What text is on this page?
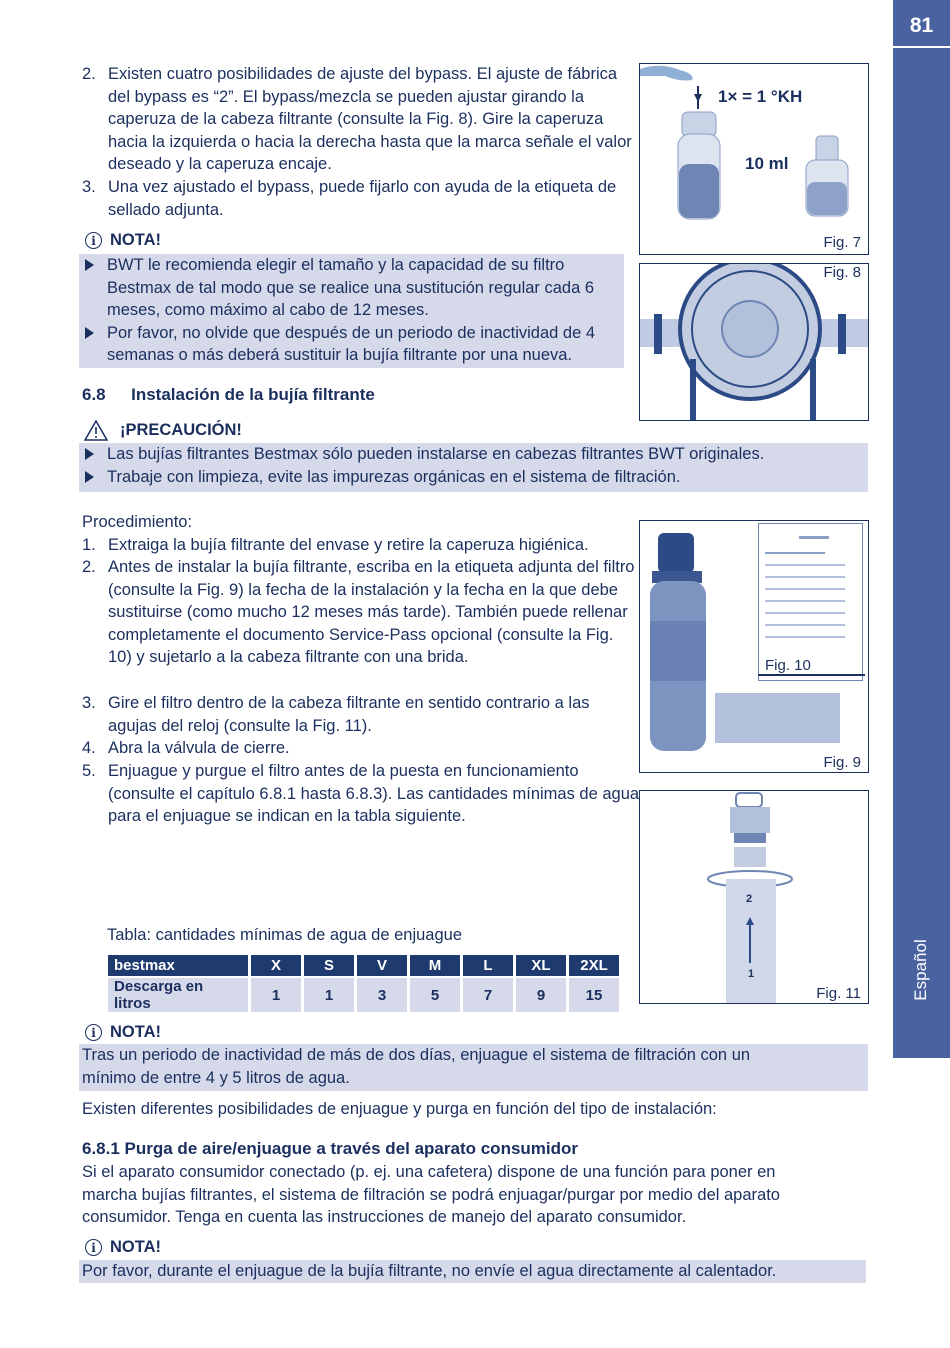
81
Español
2. Existen cuatro posibilidades de ajuste del bypass. El ajuste de fábrica del bypass es “2”. El bypass/mezcla se pueden ajustar girando la caperuza de la cabeza filtrante (consulte la Fig. 8). Gire la caperuza hacia la izquierda o hacia la derecha hasta que la marca señale el valor deseado y la caperuza encaje.
3. Una vez ajustado el bypass, puede fijarlo con ayuda de la etiqueta de sellado adjunta.
i NOTA!
BWT le recomienda elegir el tamaño y la capacidad de su filtro Bestmax de tal modo que se realice una sustitución regular cada 6 meses, como máximo al cabo de 12 meses.
Por favor, no olvide que después de un periodo de inactividad de 4 semanas o más deberá sustituir la bujía filtrante por una nueva.
6.8 Instalación de la bujía filtrante
¡PRECAUCIÓN!
Las bujías filtrantes Bestmax sólo pueden instalarse en cabezas filtrantes BWT originales.
Trabaje con limpieza, evite las impurezas orgánicas en el sistema de filtración.
Procedimiento:
1. Extraiga la bujía filtrante del envase y retire la caperuza higiénica.
2. Antes de instalar la bujía filtrante, escriba en la etiqueta adjunta del filtro (consulte la Fig. 9) la fecha de la instalación y la fecha en la que debe sustituirse (como mucho 12 meses más tarde). También puede rellenar completamente el documento Service-Pass opcional (consulte la Fig. 10) y sujetarlo a la cabeza filtrante con una brida.
3. Gire el filtro dentro de la cabeza filtrante en sentido contrario a las agujas del reloj (consulte la Fig. 11).
4. Abra la válvula de cierre.
5. Enjuague y purgue el filtro antes de la puesta en funcionamiento (consulte el capítulo 6.8.1 hasta 6.8.3). Las cantidades mínimas de agua para el enjuague se indican en la tabla siguiente.
Tabla: cantidades mínimas de agua de enjuague
bestmax	X	S	V	M	L	XL	2XL
Descarga en litros	1	1	3	5	7	9	15
i NOTA!
Tras un periodo de inactividad de más de dos días, enjuague el sistema de filtración con un mínimo de entre 4 y 5 litros de agua.
Existen diferentes posibilidades de enjuague y purga en función del tipo de instalación:
6.8.1 Purga de aire/enjuague a través del aparato consumidor
Si el aparato consumidor conectado (p. ej. una cafetera) dispone de una función para poner en marcha bujías filtrantes, el sistema de filtración se podrá enjuagar/purgar por medio del aparato consumidor. Tenga en cuenta las instrucciones de manejo del aparato consumidor.
i NOTA!
Por favor, durante el enjuague de la bujía filtrante, no envíe el agua directamente al calentador.
1× = 1 °KH
10 ml
Fig. 7
Fig. 8
Fig. 10
Fig. 9
2
1
Fig. 11
